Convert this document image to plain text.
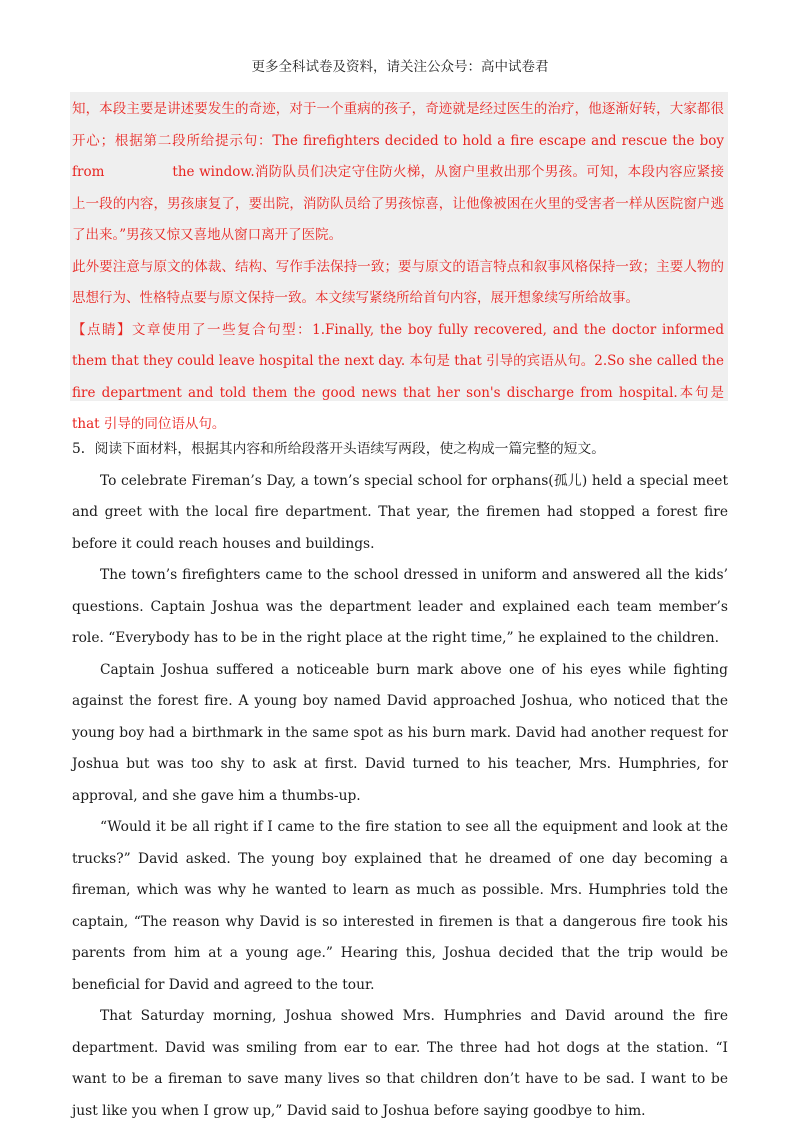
更多全科试卷及资料，请关注公众号：高中试卷君

知，本段主要是讲述要发生的奇迹，对于一个重病的孩子，奇迹就是经过医生的治疗，他逐渐好转，大家都很开心；根据第二段所给提示句：The firefighters decided to hold a fire escape and rescue the boy from	the window.消防队员们决定守住防火梯，从窗户里救出那个男孩。可知，本段内容应紧接上一段的内容，男孩康复了，要出院，消防队员给了男孩惊喜，让他像被困在火里的受害者一样从医院窗户逃了出来。”男孩又惊又喜地从窗口离开了医院。

此外要注意与原文的体裁、结构、写作手法保持一致；要与原文的语言特点和叙事风格保持一致；主要人物的思想行为、性格特点要与原文保持一致。本文续写紧绕所给首句内容，展开想象续写所给故事。

【点睛】文章使用了一些复合句型：1.Finally, the boy fully recovered, and the doctor informed them that they could leave hospital the next day. 本句是 that 引导的宾语从句。2.So she called the fire department and told them the good news that her son's discharge from hospital.本句是 that 引导的同位语从句。

5．阅读下面材料，根据其内容和所给段落开头语续写两段，使之构成一篇完整的短文。

To celebrate Fireman’s Day, a town’s special school for orphans(孤儿) held a special meet and greet with the local fire department. That year, the firemen had stopped a forest fire before it could reach houses and buildings.

The town’s firefighters came to the school dressed in uniform and answered all the kids’ questions. Captain Joshua was the department leader and explained each team member’s role. “Everybody has to be in the right place at the right time,” he explained to the children.

Captain Joshua suffered a noticeable burn mark above one of his eyes while fighting against the forest fire. A young boy named David approached Joshua, who noticed that the young boy had a birthmark in the same spot as his burn mark. David had another request for Joshua but was too shy to ask at first. David turned to his teacher, Mrs. Humphries, for approval, and she gave him a thumbs-up.

“Would it be all right if I came to the fire station to see all the equipment and look at the trucks?” David asked. The young boy explained that he dreamed of one day becoming a fireman, which was why he wanted to learn as much as possible. Mrs. Humphries told the captain, “The reason why David is so interested in firemen is that a dangerous fire took his parents from him at a young age.” Hearing this, Joshua decided that the trip would be beneficial for David and agreed to the tour.

That Saturday morning, Joshua showed Mrs. Humphries and David around the fire department. David was smiling from ear to ear. The three had hot dogs at the station. “I want to be a fireman to save many lives so that children don’t have to be sad. I want to be just like you when I grow up,” David said to Joshua before saying goodbye to him.
